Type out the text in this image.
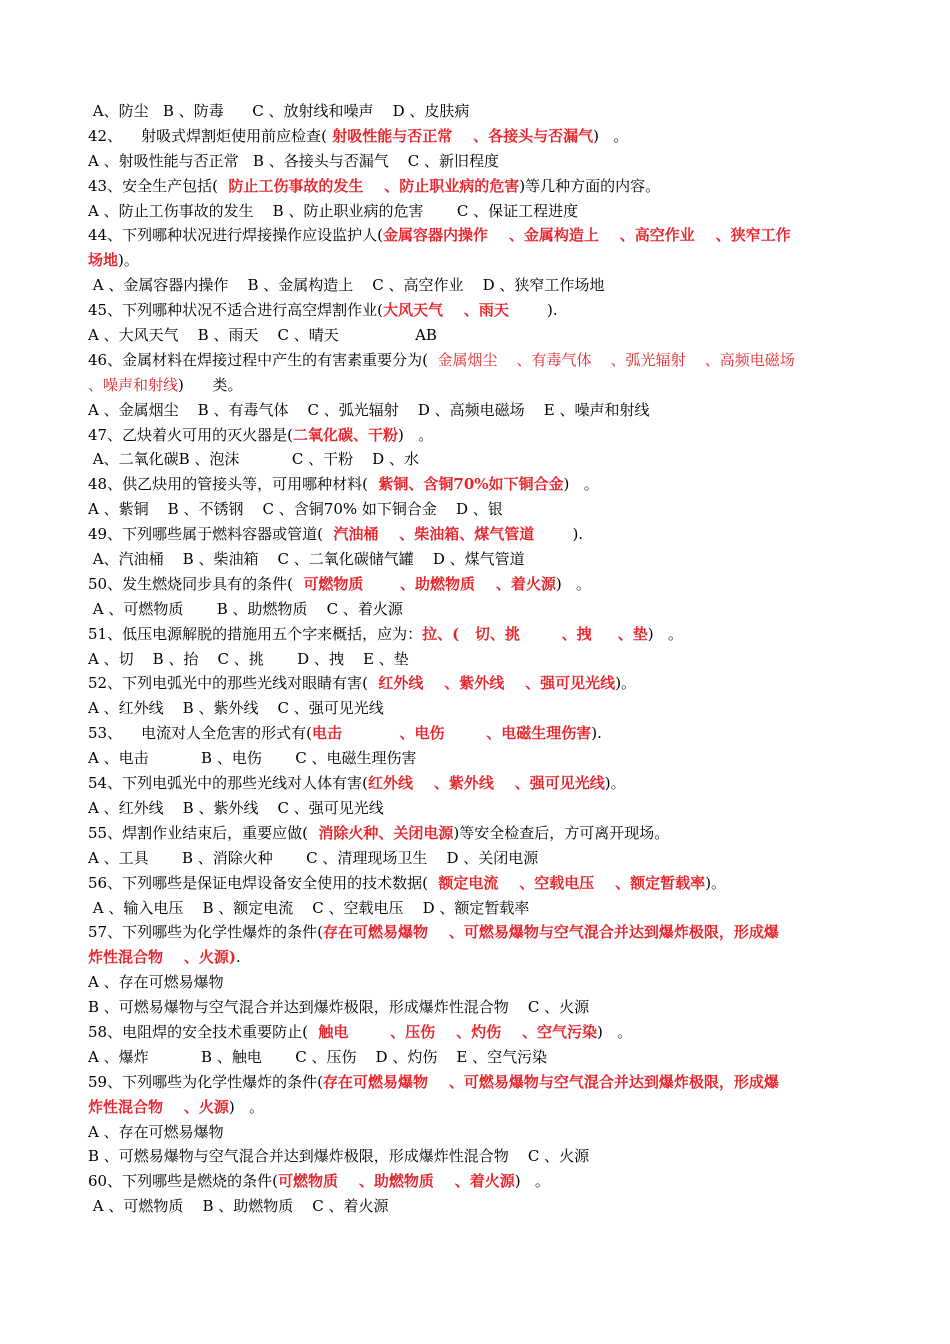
A、防尘   B 、防毒      C 、放射线和噪声    D 、皮肤病
42、    射吸式焊割炬使用前应检查( 射吸性能与否正常    、各接头与否漏气)   。
A 、射吸性能与否正常   B 、各接头与否漏气    C 、新旧程度
43、安全生产包括(  防止工伤事故的发生    、防止职业病的危害)等几种方面的内容。
A 、防止工伤事故的发生    B 、防止职业病的危害       C 、保证工程进度
44、下列哪种状况进行焊接操作应设监护人(金属容器内操作    、金属构造上    、高空作业    、狭窄工作
场地)。
A 、金属容器内操作    B 、金属构造上    C 、高空作业    D 、狭窄工作场地
45、下列哪种状况不适合进行高空焊割作业(大风天气    、雨天        ).
A 、大风天气    B 、雨天    C 、晴天                AB
46、金属材料在焊接过程中产生的有害素重要分为(  金属烟尘    、有毒气体    、弧光辐射    、高频电磁场
、噪声和射线)      类。
A 、金属烟尘    B 、有毒气体    C 、弧光辐射    D 、高频电磁场    E 、噪声和射线
47、乙炔着火可用的灭火器是(二氧化碳、干粉)   。
A、二氧化碳B 、泡沫           C 、干粉    D 、水
48、供乙炔用的管接头等，可用哪种材料(  紫铜、含铜70%如下铜合金)   。
A 、紫铜    B 、不锈钢    C 、含铜70% 如下铜合金    D 、银
49、下列哪些属于燃料容器或管道(  汽油桶    、柴油箱、煤气管道        ).
A、汽油桶    B 、柴油箱    C 、二氧化碳储气罐    D 、煤气管道
50、发生燃烧同步具有的条件(  可燃物质       、助燃物质    、着火源)   。
A 、可燃物质       B 、助燃物质    C 、着火源
51、低压电源解脱的措施用五个字来概括，应为：拉、(   切、挑        、拽     、垫)   。
A 、切    B 、抬    C 、挑       D 、拽    E 、垫
52、下列电弧光中的那些光线对眼睛有害(  红外线    、紫外线    、强可见光线)。
A 、红外线    B 、紫外线    C 、强可见光线
53、    电流对人全危害的形式有(电击           、电伤        、电磁生理伤害).
A 、电击           B 、电伤       C 、电磁生理伤害
54、下列电弧光中的那些光线对人体有害(红外线    、紫外线    、强可见光线)。
A 、红外线    B 、紫外线    C 、强可见光线
55、焊割作业结束后，重要应做(  消除火种、关闭电源)等安全检查后，方可离开现场。
A 、工具       B 、消除火种       C 、清理现场卫生    D 、关闭电源
56、下列哪些是保证电焊设备安全使用的技术数据(  额定电流    、空载电压    、额定暂载率)。
A 、输入电压    B 、额定电流    C 、空载电压    D 、额定暂载率
57、下列哪些为化学性爆炸的条件(存在可燃易爆物    、可燃易爆物与空气混合并达到爆炸极限，形成爆
炸性混合物    、火源).
A 、存在可燃易爆物
B 、可燃易爆物与空气混合并达到爆炸极限，形成爆炸性混合物    C 、火源
58、电阻焊的安全技术重要防止(  触电        、压伤    、灼伤    、空气污染)   。
A 、爆炸           B 、触电       C 、压伤    D 、灼伤    E 、空气污染
59、下列哪些为化学性爆炸的条件(存在可燃易爆物    、可燃易爆物与空气混合并达到爆炸极限，形成爆
炸性混合物    、火源)   。
A 、存在可燃易爆物
B 、可燃易爆物与空气混合并达到爆炸极限，形成爆炸性混合物    C 、火源
60、下列哪些是燃烧的条件(可燃物质    、助燃物质    、着火源)   。
A 、可燃物质    B 、助燃物质    C 、着火源
